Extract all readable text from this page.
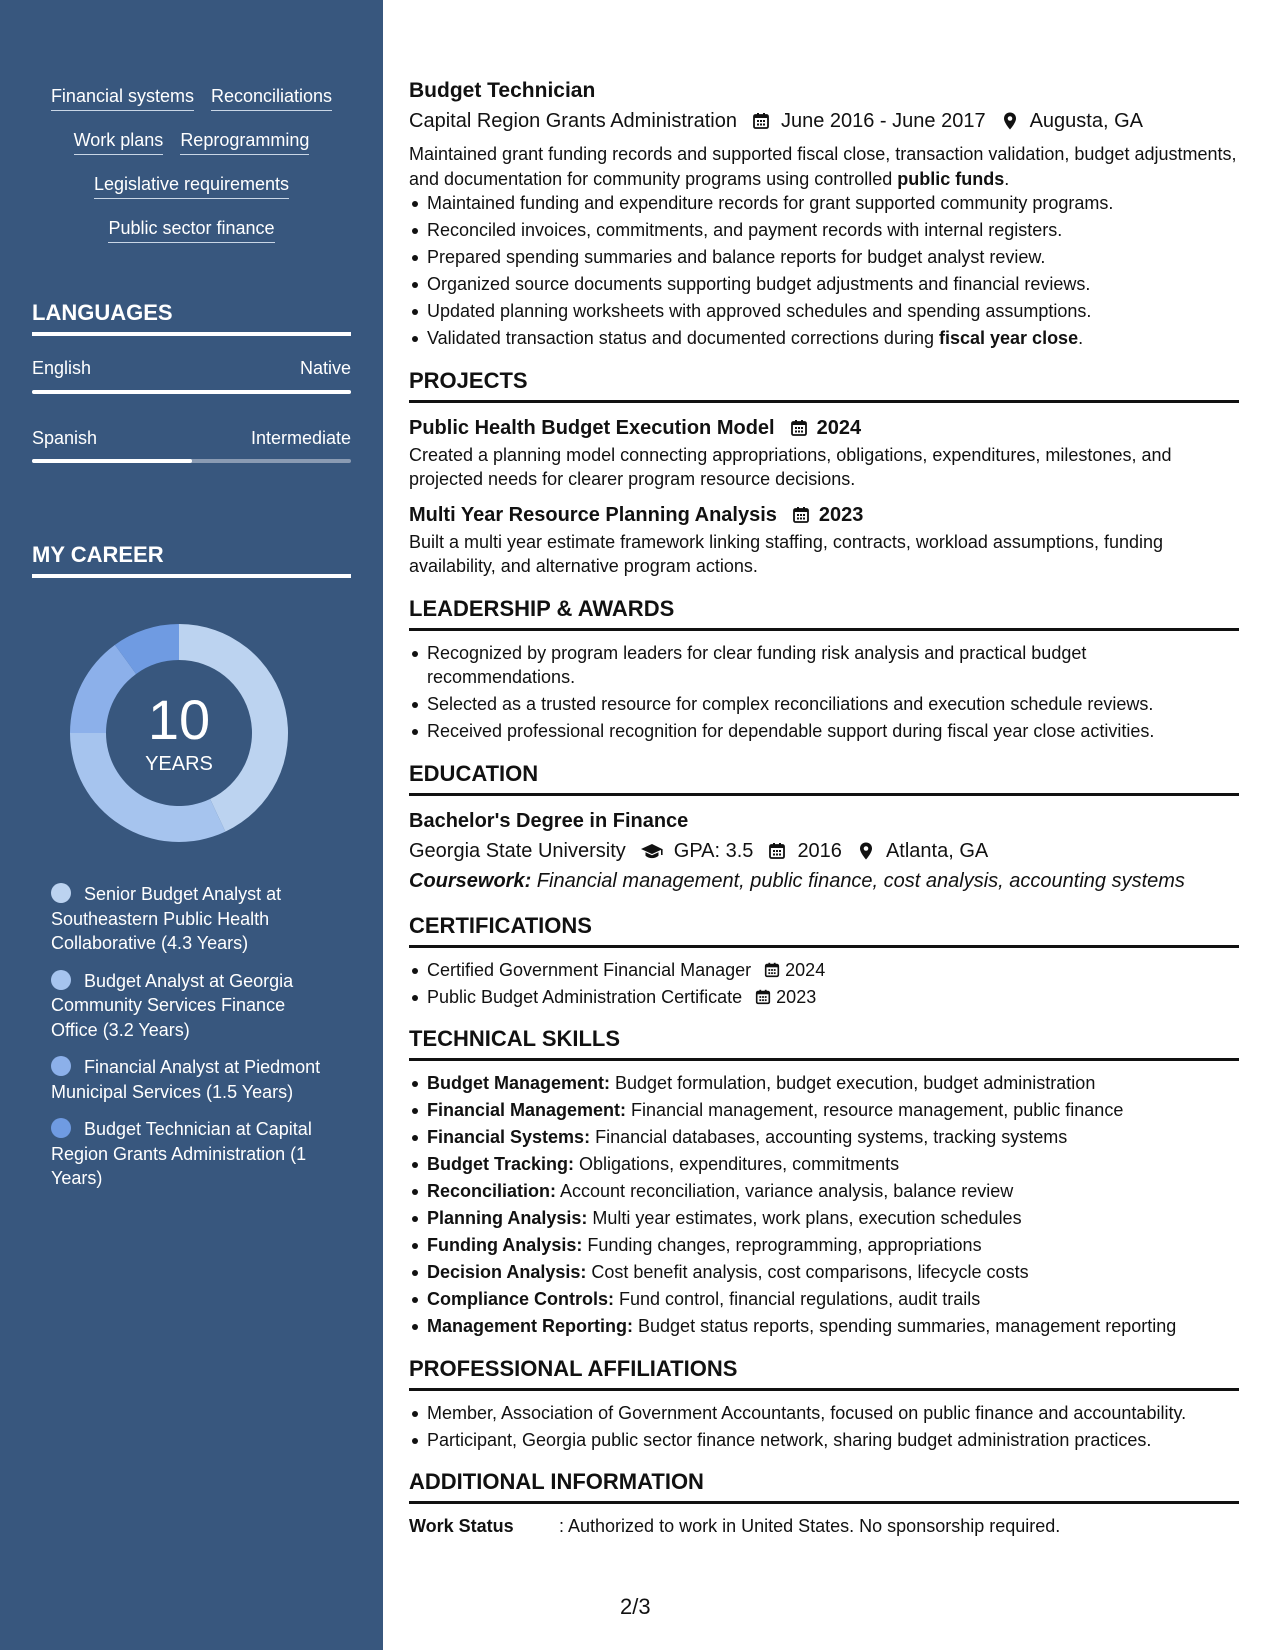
Financial systems Reconciliations
Work plans Reprogramming
Legislative requirements
Public sector finance
LANGUAGES
English	Native
Spanish	Intermediate
MY CAREER
10
YEARS
Senior Budget Analyst at Southeastern Public Health Collaborative (4.3 Years)
Budget Analyst at Georgia Community Services Finance Office (3.2 Years)
Financial Analyst at Piedmont Municipal Services (1.5 Years)
Budget Technician at Capital Region Grants Administration (1 Years)
Budget Technician
Capital Region Grants Administration June 2016 - June 2017 Augusta, GA

Maintained grant funding records and supported fiscal close, transaction validation, budget adjustments, and documentation for community programs using controlled public funds.

Maintained funding and expenditure records for grant supported community programs.
Reconciled invoices, commitments, and payment records with internal registers.
Prepared spending summaries and balance reports for budget analyst review.
Organized source documents supporting budget adjustments and financial reviews.
Updated planning worksheets with approved schedules and spending assumptions.
Validated transaction status and documented corrections during fiscal year close.
PROJECTS
Public Health Budget Execution Model 2024

Created a planning model connecting appropriations, obligations, expenditures, milestones, and projected needs for clearer program resource decisions.

Multi Year Resource Planning Analysis 2023

Built a multi year estimate framework linking staffing, contracts, workload assumptions, funding availability, and alternative program actions.

LEADERSHIP & AWARDS
Recognized by program leaders for clear funding risk analysis and practical budget recommendations.
Selected as a trusted resource for complex reconciliations and execution schedule reviews.
Received professional recognition for dependable support during fiscal year close activities.
EDUCATION
Bachelor's Degree in Finance
Georgia State University GPA: 3.5 2016 Atlanta, GA
Coursework: Financial management, public finance, cost analysis, accounting systems
CERTIFICATIONS
Certified Government Financial Manager 2024
Public Budget Administration Certificate 2023
TECHNICAL SKILLS
Budget Management: Budget formulation, budget execution, budget administration
Financial Management: Financial management, resource management, public finance
Financial Systems: Financial databases, accounting systems, tracking systems
Budget Tracking: Obligations, expenditures, commitments
Reconciliation: Account reconciliation, variance analysis, balance review
Planning Analysis: Multi year estimates, work plans, execution schedules
Funding Analysis: Funding changes, reprogramming, appropriations
Decision Analysis: Cost benefit analysis, cost comparisons, lifecycle costs
Compliance Controls: Fund control, financial regulations, audit trails
Management Reporting: Budget status reports, spending summaries, management reporting
PROFESSIONAL AFFILIATIONS
Member, Association of Government Accountants, focused on public finance and accountability.
Participant, Georgia public sector finance network, sharing budget administration practices.
ADDITIONAL INFORMATION
Work Status	: Authorized to work in United States. No sponsorship required.
2/3
